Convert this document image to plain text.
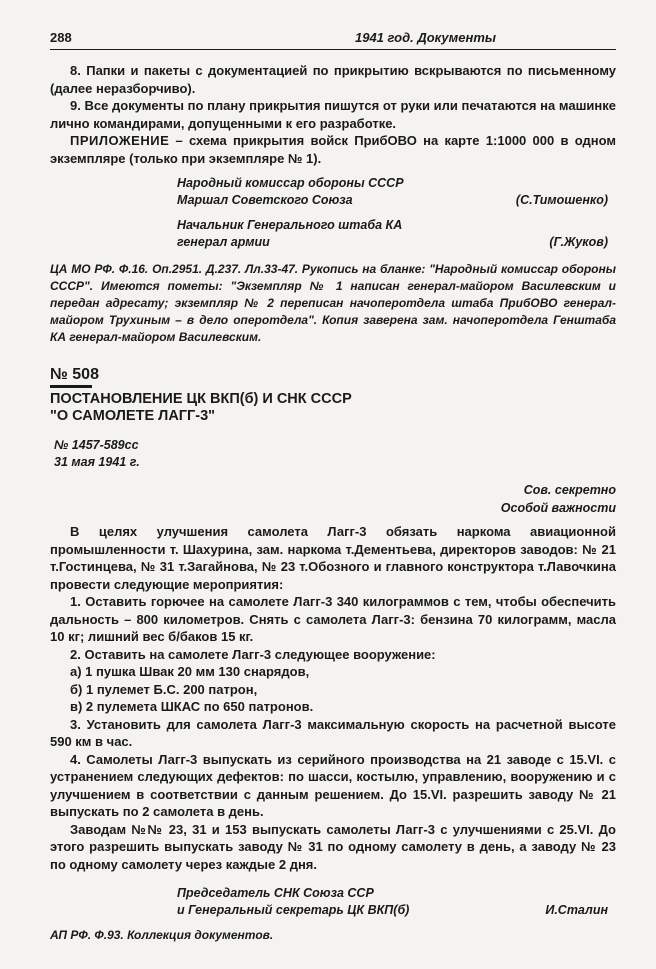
288	1941 год. Документы

8. Папки и пакеты с документацией по прикрытию вскрываются по письменному (далее неразборчиво).

9. Все документы по плану прикрытия пишутся от руки или печатаются на машинке лично командирами, допущенными к его разработке.

ПРИЛОЖЕНИЕ – схема прикрытия войск ПрибОВО на карте 1:1000 000 в одном экземпляре (только при экземпляре № 1).

Народный комиссар обороны СССР
Маршал Советского Союза	(С.Тимошенко)
Начальник Генерального штаба КА
генерал армии	(Г.Жуков)
ЦА МО РФ. Ф.16. Оп.2951. Д.237. Лл.33-47. Рукопись на бланке: "Народный комиссар обороны СССР". Имеются пометы: "Экземпляр № 1 написан генерал-майором Василевским и передан адресату; экземпляр № 2 переписан начоперотдела штаба ПрибОВО генерал-майором Трухиным – в дело оперотдела". Копия заверена зам. начоперотдела Генштаба КА генерал-майором Василевским.
№ 508
ПОСТАНОВЛЕНИЕ ЦК ВКП(б) И СНК СССР
"О САМОЛЕТЕ ЛАГГ-3"
№ 1457-589сс
31 мая 1941 г.
Сов. секретно
Особой важности

В целях улучшения самолета Лагг-3 обязать наркома авиационной промышленности т. Шахурина, зам. наркома т.Дементьева, директоров заводов: № 21 т.Гостинцева, № 31 т.Загайнова, № 23 т.Обозного и главного конструктора т.Лавочкина провести следующие мероприятия:

1. Оставить горючее на самолете Лагг-3 340 килограммов с тем, чтобы обеспечить дальность – 800 километров. Снять с самолета Лагг-3: бензина 70 килограмм, масла 10 кг; лишний вес б/баков 15 кг.

2. Оставить на самолете Лагг-3 следующее вооружение:

а) 1 пушка Швак 20 мм 130 снарядов,

б) 1 пулемет Б.С. 200 патрон,

в) 2 пулемета ШКАС по 650 патронов.

3. Установить для самолета Лагг-3 максимальную скорость на расчетной высоте 590 км в час.

4. Самолеты Лагг-3 выпускать из серийного производства на 21 заводе с 15.VI. с устранением следующих дефектов: по шасси, костылю, управлению, вооружению и с улучшением в соответствии с данным решением. До 15.VI. разрешить заводу № 21 выпускать по 2 самолета в день.

Заводам №№ 23, 31 и 153 выпускать самолеты Лагг-3 с улучшениями с 25.VI. До этого разрешить выпускать заводу № 31 по одному самолету в день, а заводу № 23 по одному самолету через каждые 2 дня.

Председатель СНК Союза ССР
и Генеральный секретарь ЦК ВКП(б)	И.Сталин
АП РФ. Ф.93. Коллекция документов.
